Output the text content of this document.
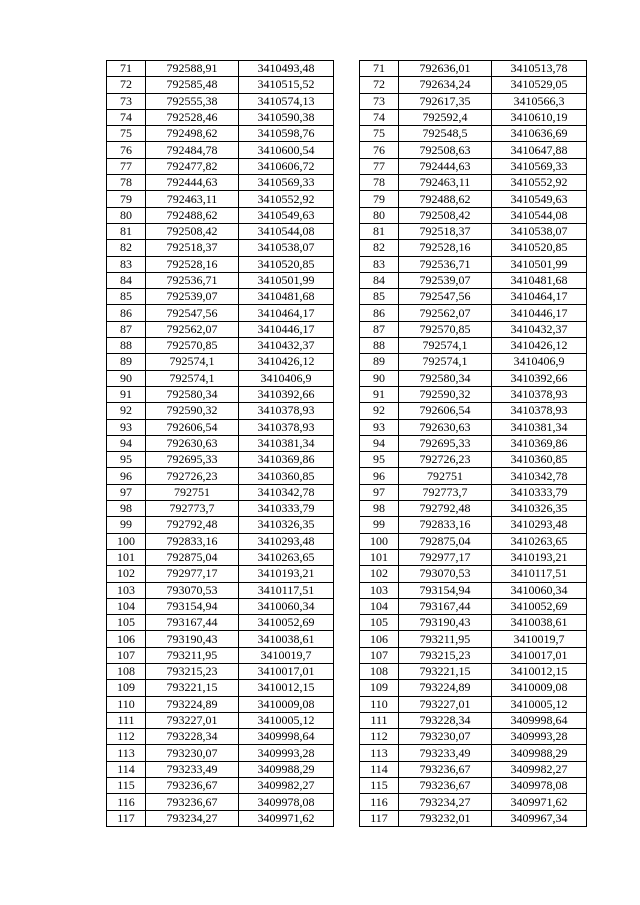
71	792588,91	3410493,48
72	792585,48	3410515,52
73	792555,38	3410574,13
74	792528,46	3410590,38
75	792498,62	3410598,76
76	792484,78	3410600,54
77	792477,82	3410606,72
78	792444,63	3410569,33
79	792463,11	3410552,92
80	792488,62	3410549,63
81	792508,42	3410544,08
82	792518,37	3410538,07
83	792528,16	3410520,85
84	792536,71	3410501,99
85	792539,07	3410481,68
86	792547,56	3410464,17
87	792562,07	3410446,17
88	792570,85	3410432,37
89	792574,1	3410426,12
90	792574,1	3410406,9
91	792580,34	3410392,66
92	792590,32	3410378,93
93	792606,54	3410378,93
94	792630,63	3410381,34
95	792695,33	3410369,86
96	792726,23	3410360,85
97	792751	3410342,78
98	792773,7	3410333,79
99	792792,48	3410326,35
100	792833,16	3410293,48
101	792875,04	3410263,65
102	792977,17	3410193,21
103	793070,53	3410117,51
104	793154,94	3410060,34
105	793167,44	3410052,69
106	793190,43	3410038,61
107	793211,95	3410019,7
108	793215,23	3410017,01
109	793221,15	3410012,15
110	793224,89	3410009,08
111	793227,01	3410005,12
112	793228,34	3409998,64
113	793230,07	3409993,28
114	793233,49	3409988,29
115	793236,67	3409982,27
116	793236,67	3409978,08
117	793234,27	3409971,62
71	792636,01	3410513,78
72	792634,24	3410529,05
73	792617,35	3410566,3
74	792592,4	3410610,19
75	792548,5	3410636,69
76	792508,63	3410647,88
77	792444,63	3410569,33
78	792463,11	3410552,92
79	792488,62	3410549,63
80	792508,42	3410544,08
81	792518,37	3410538,07
82	792528,16	3410520,85
83	792536,71	3410501,99
84	792539,07	3410481,68
85	792547,56	3410464,17
86	792562,07	3410446,17
87	792570,85	3410432,37
88	792574,1	3410426,12
89	792574,1	3410406,9
90	792580,34	3410392,66
91	792590,32	3410378,93
92	792606,54	3410378,93
93	792630,63	3410381,34
94	792695,33	3410369,86
95	792726,23	3410360,85
96	792751	3410342,78
97	792773,7	3410333,79
98	792792,48	3410326,35
99	792833,16	3410293,48
100	792875,04	3410263,65
101	792977,17	3410193,21
102	793070,53	3410117,51
103	793154,94	3410060,34
104	793167,44	3410052,69
105	793190,43	3410038,61
106	793211,95	3410019,7
107	793215,23	3410017,01
108	793221,15	3410012,15
109	793224,89	3410009,08
110	793227,01	3410005,12
111	793228,34	3409998,64
112	793230,07	3409993,28
113	793233,49	3409988,29
114	793236,67	3409982,27
115	793236,67	3409978,08
116	793234,27	3409971,62
117	793232,01	3409967,34
